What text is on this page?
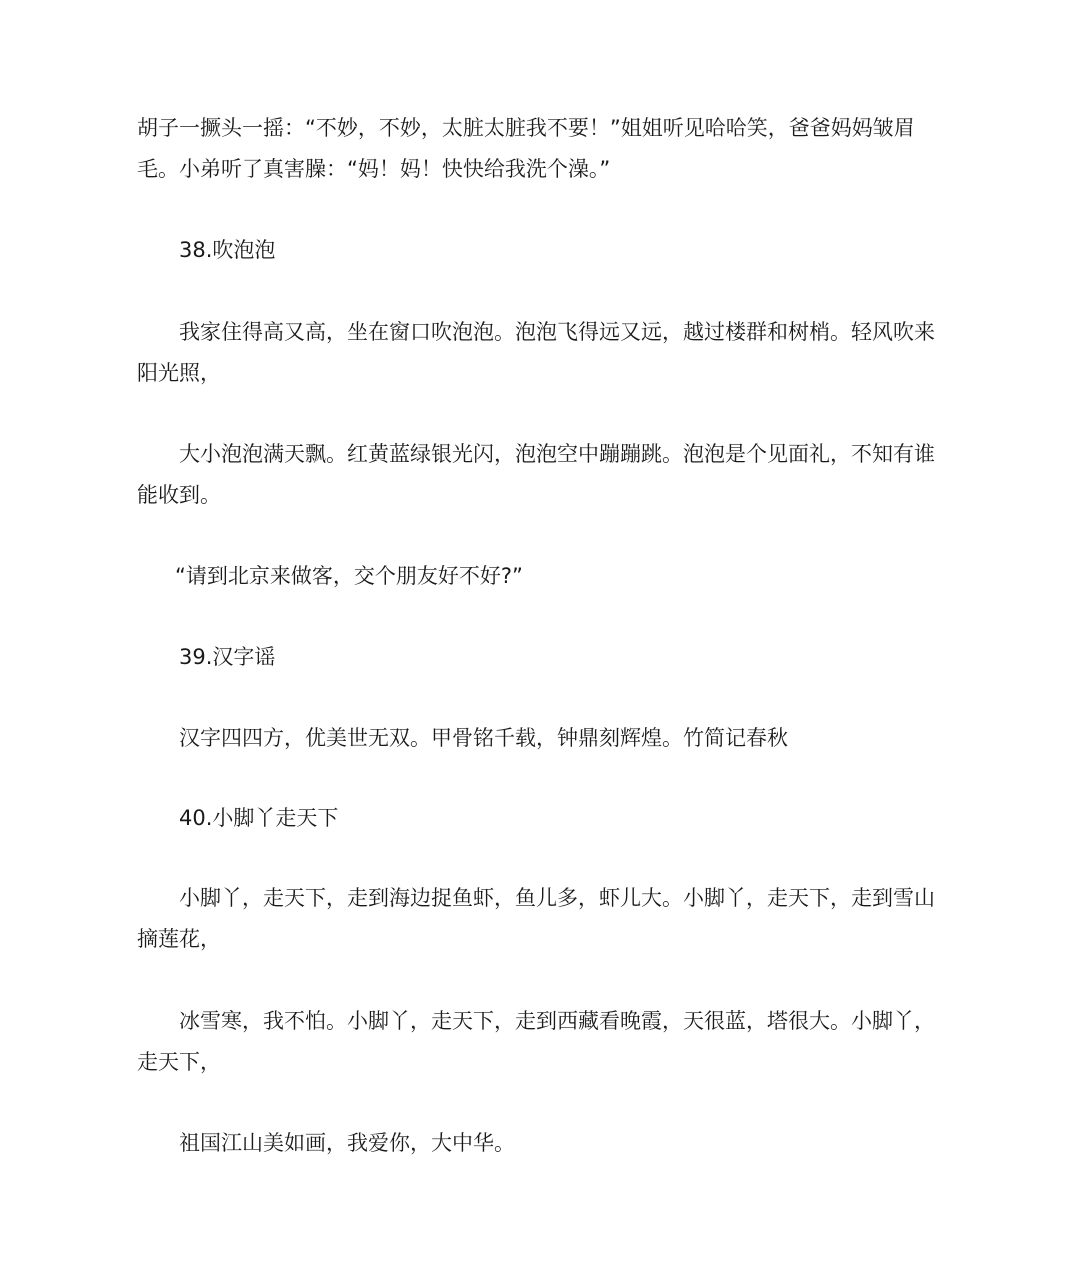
胡子一撅头一摇：“不妙，不妙，太脏太脏我不要！”姐姐听见哈哈笑，爸爸妈妈皱眉毛。小弟听了真害臊：“妈！妈！快快给我洗个澡。”

38.吹泡泡

我家住得高又高，坐在窗口吹泡泡。泡泡飞得远又远，越过楼群和树梢。轻风吹来阳光照，

大小泡泡满天飘。红黄蓝绿银光闪，泡泡空中蹦蹦跳。泡泡是个见面礼，不知有谁能收到。

“请到北京来做客，交个朋友好不好?”

39.汉字谣

汉字四四方，优美世无双。甲骨铭千载，钟鼎刻辉煌。竹简记春秋

40.小脚丫走天下

小脚丫，走天下，走到海边捉鱼虾，鱼儿多，虾儿大。小脚丫，走天下，走到雪山摘莲花，

冰雪寒，我不怕。小脚丫，走天下，走到西藏看晚霞，天很蓝，塔很大。小脚丫，走天下，

祖国江山美如画，我爱你，大中华。
